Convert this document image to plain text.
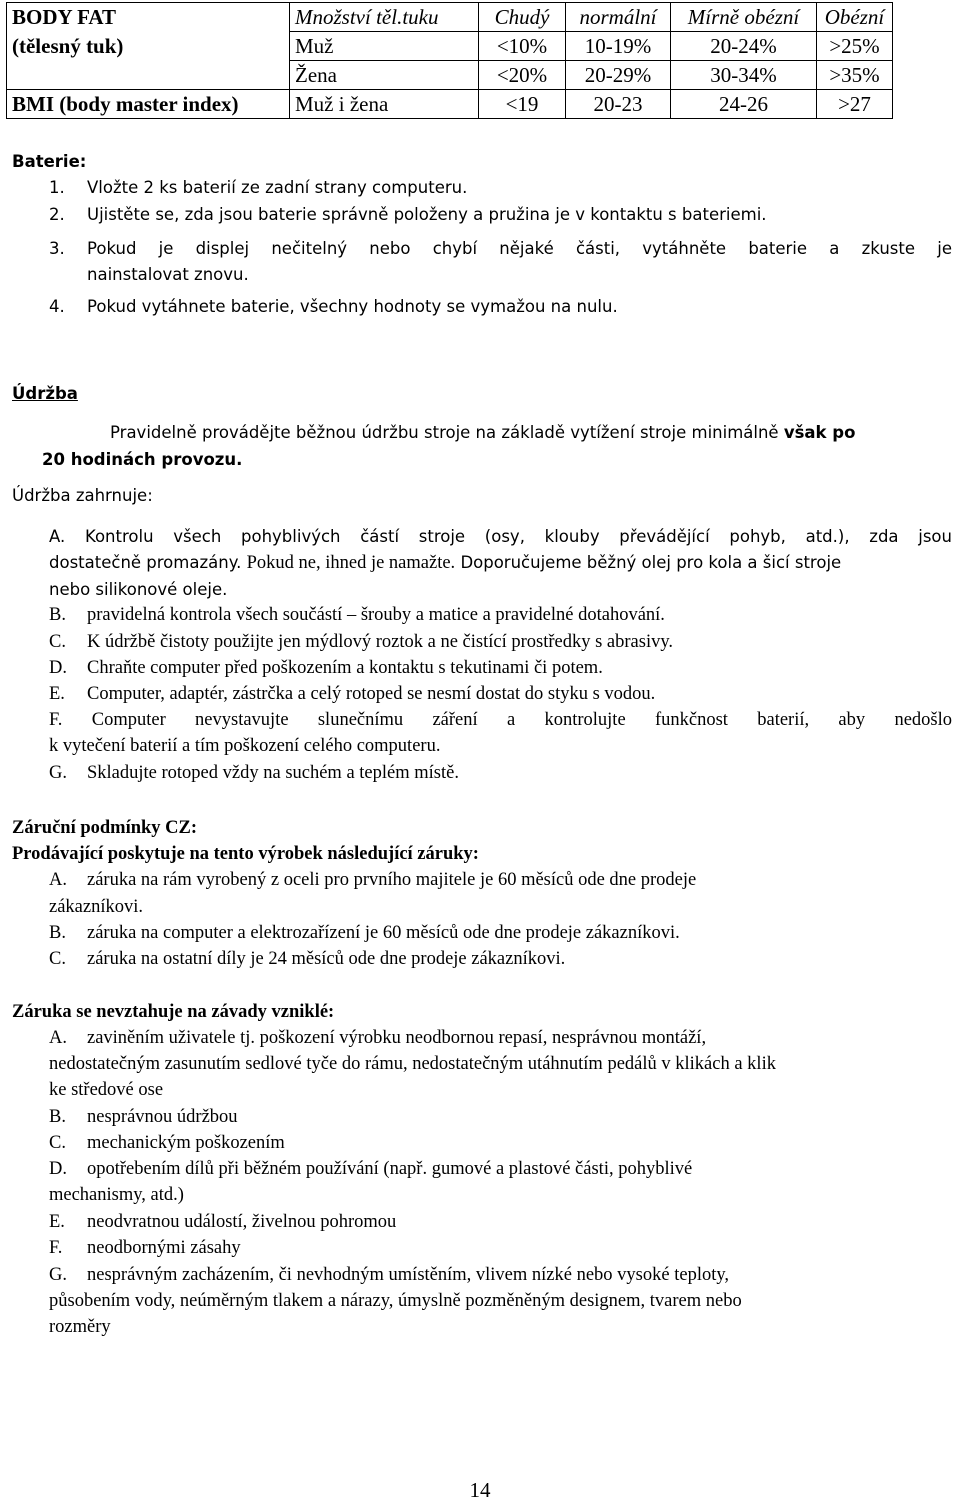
BODY FAT	Množství těl.tuku	Chudý	normální	Mírně obézní	Obézní
(tělesný tuk)	Muž	<10%	10-19%	20-24%	>25%
	Žena	<20%	20-29%	30-34%	>35%
BMI (body master index)	Muž i žena	<19	20-23	24-26	>27
Baterie:
1. Vložte 2 ks baterií ze zadní strany computeru.
2. Ujistěte se, zda jsou baterie správně položeny a pružina je v kontaktu s bateriemi.
3. Pokud je displej nečitelný nebo chybí nějaké části, vytáhněte baterie a zkuste je
nainstalovat znovu.
4. Pokud vytáhnete baterie, všechny hodnoty se vymažou na nulu.
Údržba
Pravidelně provádějte běžnou údržbu stroje na základě vytížení stroje minimálně však po
20 hodinách provozu.
Údržba zahrnuje:
A. Kontrolu všech pohyblivých částí stroje (osy, klouby převádějící pohyb, atd.), zda jsou
dostatečně promazány. Pokud ne, ihned je namažte. Doporučujeme běžný olej pro kola a šicí stroje
nebo silikonové oleje.
B. pravidelná kontrola všech součástí – šrouby a matice a pravidelné dotahování.
C. K údržbě čistoty použijte jen mýdlový roztok a ne čistící prostředky s abrasivy.
D. Chraňte computer před poškozením a kontaktu s tekutinami či potem.
E. Computer, adaptér, zástrčka a celý rotoped se nesmí dostat do styku s vodou.
F. Computer nevystavujte slunečnímu záření a kontrolujte funkčnost baterií, aby nedošlo
k vytečení baterií a tím poškození celého computeru.
G. Skladujte rotoped vždy na suchém a teplém místě.
Záruční podmínky CZ:
Prodávající poskytuje na tento výrobek následující záruky:
A. záruka na rám vyrobený z oceli pro prvního majitele je 60 měsíců ode dne prodeje
zákazníkovi.
B. záruka na computer a elektrozařízení je 60 měsíců ode dne prodeje zákazníkovi.
C. záruka na ostatní díly je 24 měsíců ode dne prodeje zákazníkovi.
Záruka se nevztahuje na závady vzniklé:
A. zaviněním uživatele tj. poškození výrobku neodbornou repasí, nesprávnou montáží,
nedostatečným zasunutím sedlové tyče do rámu, nedostatečným utáhnutím pedálů v klikách a klik
ke středové ose
B. nesprávnou údržbou
C. mechanickým poškozením
D. opotřebením dílů při běžném používání (např. gumové a plastové části, pohyblivé
mechanismy, atd.)
E. neodvratnou událostí, živelnou pohromou
F. neodbornými zásahy
G. nesprávným zacházením, či nevhodným umístěním, vlivem nízké nebo vysoké teploty,
působením vody, neúměrným tlakem a nárazy, úmyslně pozměněným designem, tvarem nebo
rozměry
14
